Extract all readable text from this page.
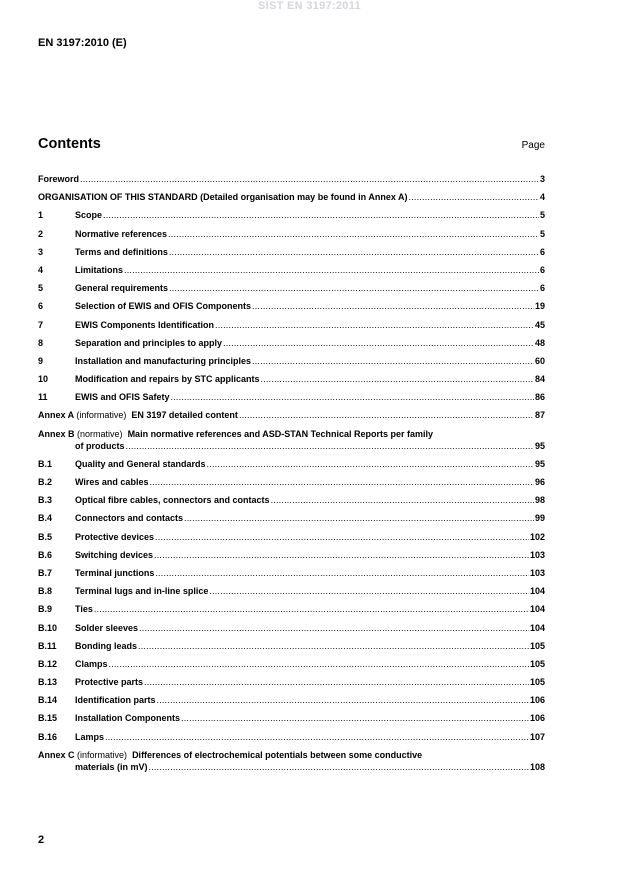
SIST EN 3197:2011
EN 3197:2010 (E)
Contents	Page
Foreword .....	3
ORGANISATION OF THIS STANDARD (Detailed organisation may be found in Annex A) .....	4
1	Scope .....	5
2	Normative references .....	5
3	Terms and definitions .....	6
4	Limitations .....	6
5	General requirements .....	6
6	Selection of EWIS and OFIS Components .....	19
7	EWIS Components Identification .....	45
8	Separation and principles to apply .....	48
9	Installation and manufacturing principles .....	60
10	Modification and repairs by STC applicants .....	84
11	EWIS and OFIS Safety .....	86
Annex A (informative) EN 3197 detailed content .....	87
Annex B (normative) Main normative references and ASD-STAN Technical Reports per family
of products .....	95
B.1	Quality and General standards .....	95
B.2	Wires and cables .....	96
B.3	Optical fibre cables, connectors and contacts .....	98
B.4	Connectors and contacts .....	99
B.5	Protective devices .....	102
B.6	Switching devices .....	103
B.7	Terminal junctions .....	103
B.8	Terminal lugs and in-line splice .....	104
B.9	Ties .....	104
B.10	Solder sleeves .....	104
B.11	Bonding leads .....	105
B.12	Clamps .....	105
B.13	Protective parts .....	105
B.14	Identification parts .....	106
B.15	Installation Components .....	106
B.16	Lamps .....	107
Annex C (informative) Differences of electrochemical potentials between some conductive
materials (in mV) .....	108
2
